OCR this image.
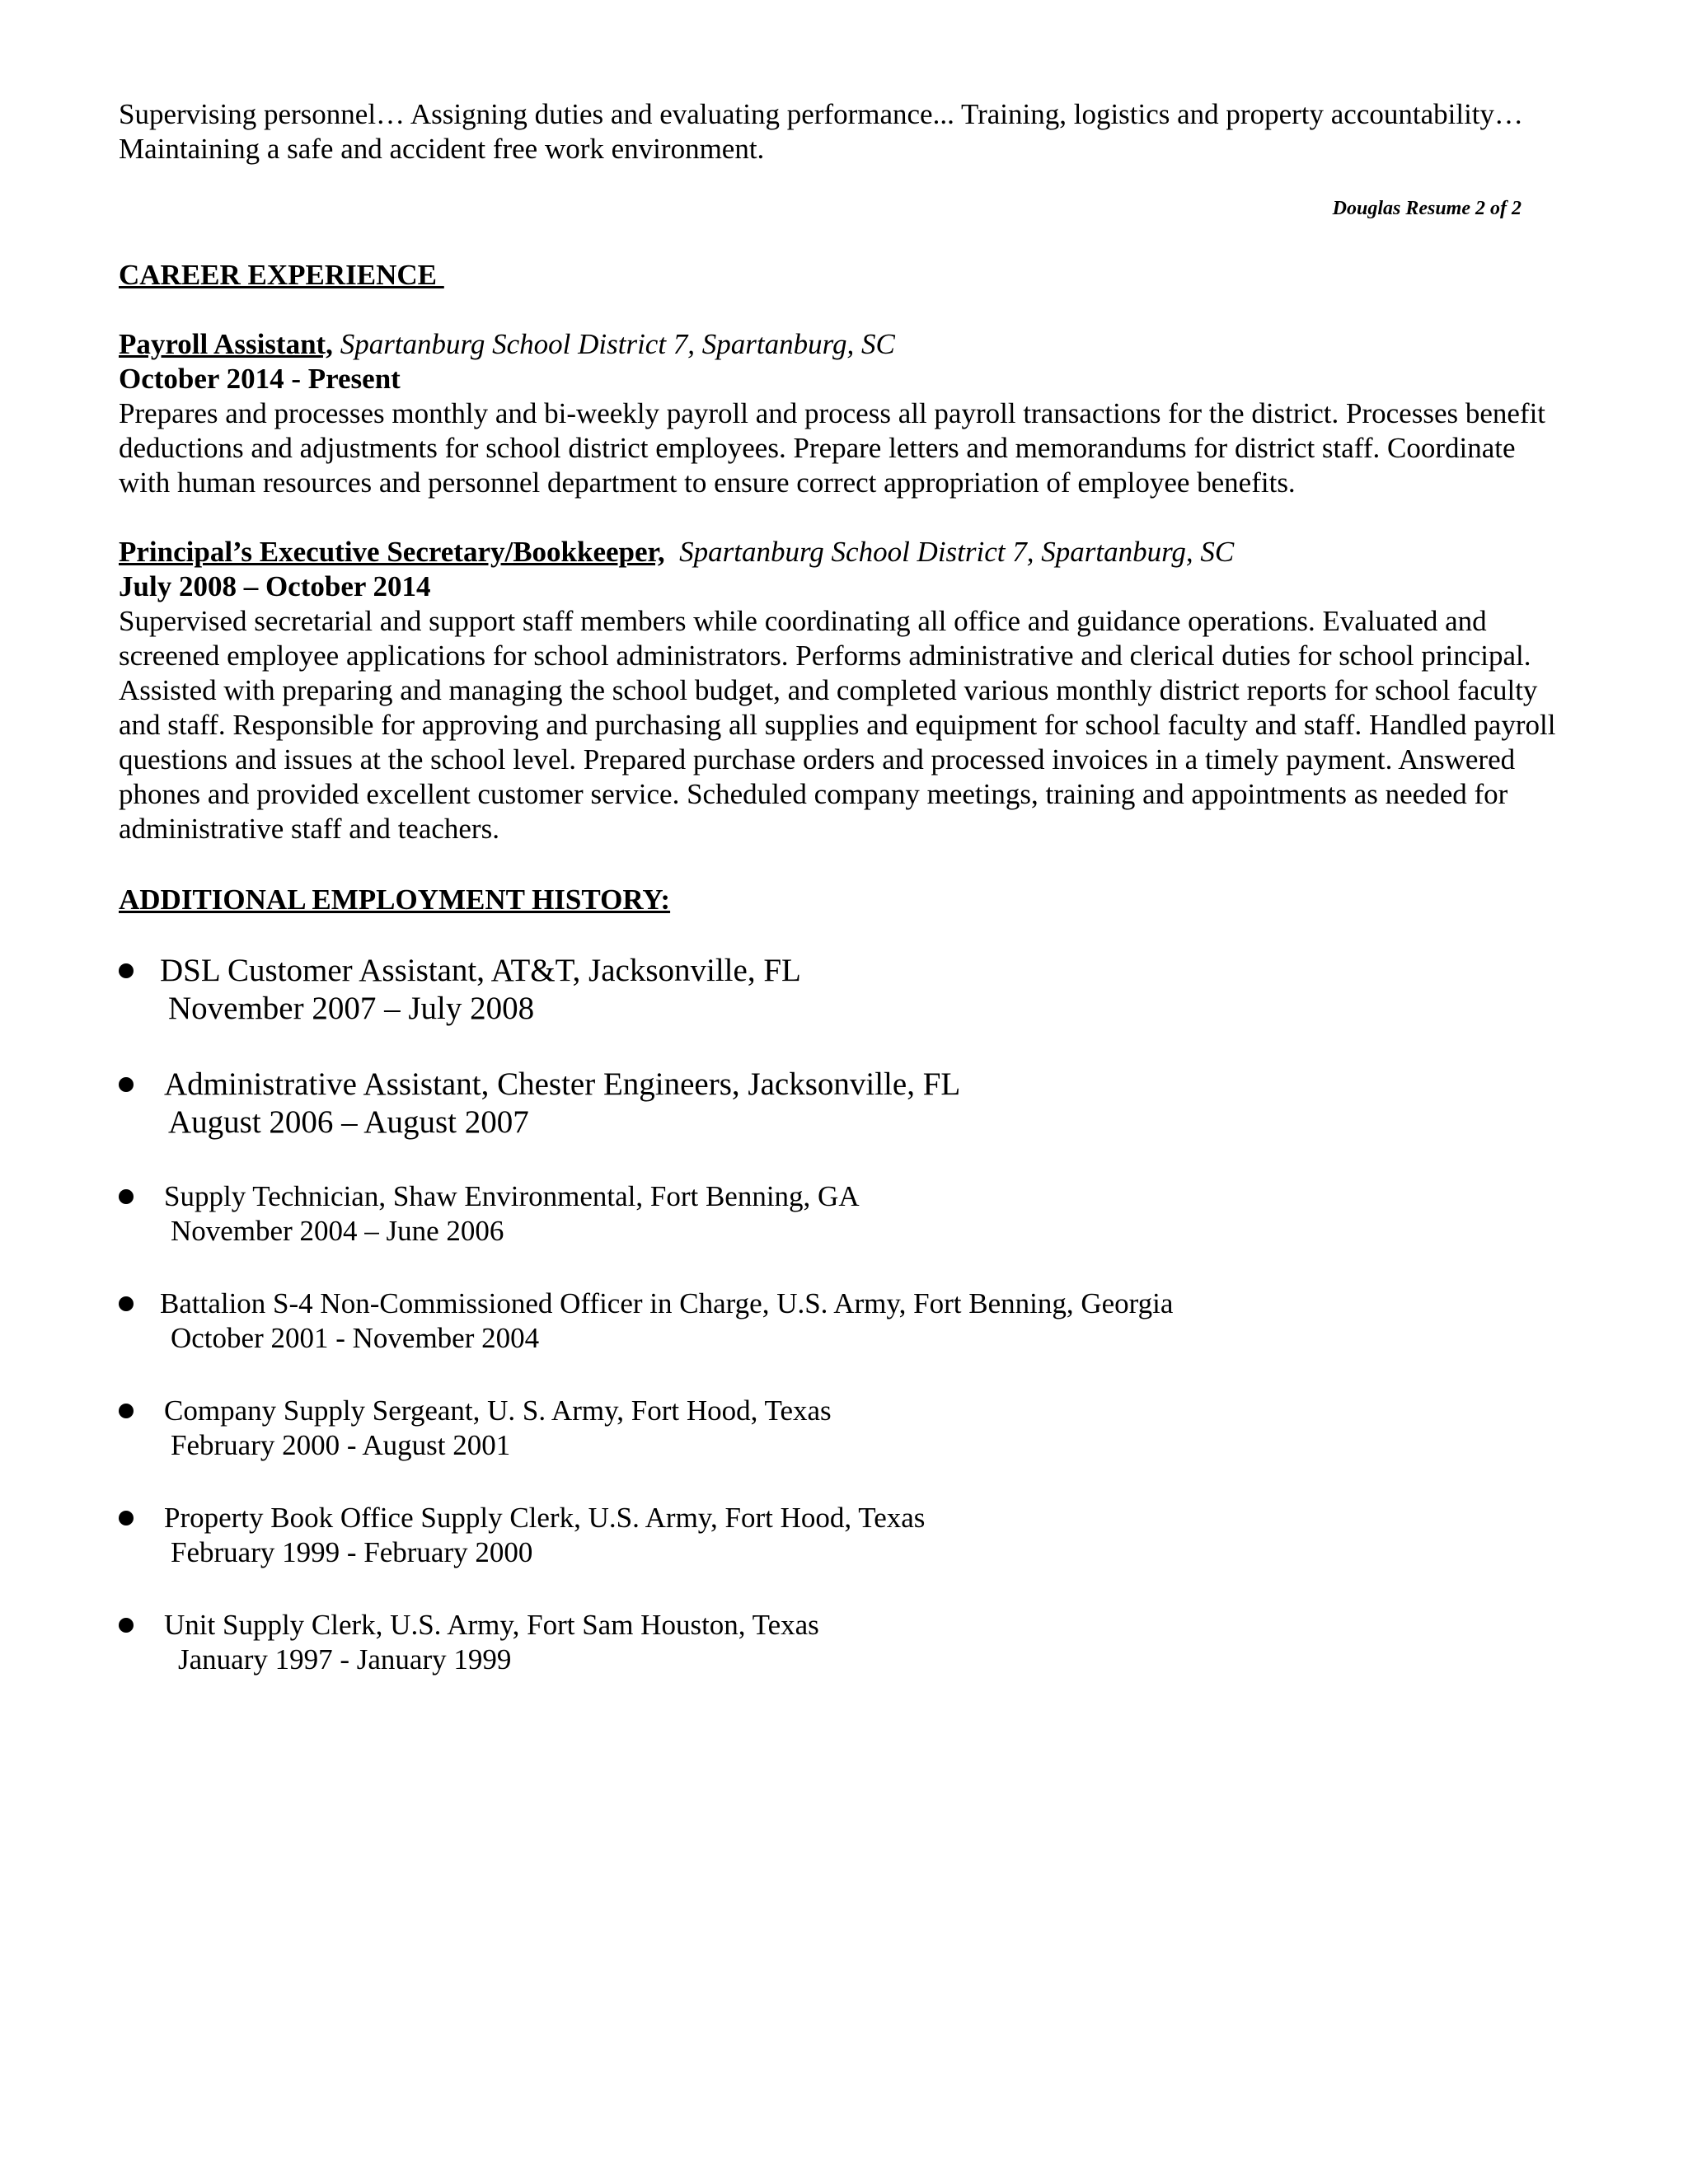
Supervising personnel… Assigning duties and evaluating performance... Training, logistics and property accountability… Maintaining a safe and accident free work environment.

Douglas Resume 2 of 2
CAREER EXPERIENCE
Payroll Assistant, Spartanburg School District 7, Spartanburg, SC
October 2014 - Present

Prepares and processes monthly and bi-weekly payroll and process all payroll transactions for the district. Processes benefit deductions and adjustments for school district employees. Prepare letters and memorandums for district staff. Coordinate with human resources and personnel department to ensure correct appropriation of employee benefits.

Principal’s Executive Secretary/Bookkeeper, Spartanburg School District 7, Spartanburg, SC
July 2008 – October 2014

Supervised secretarial and support staff members while coordinating all office and guidance operations. Evaluated and screened employee applications for school administrators. Performs administrative and clerical duties for school principal. Assisted with preparing and managing the school budget, and completed various monthly district reports for school faculty and staff. Responsible for approving and purchasing all supplies and equipment for school faculty and staff. Handled payroll questions and issues at the school level. Prepared purchase orders and processed invoices in a timely payment. Answered phones and provided excellent customer service. Scheduled company meetings, training and appointments as needed for administrative staff and teachers.

ADDITIONAL EMPLOYMENT HISTORY:
DSL Customer Assistant, AT&T, Jacksonville, FL
November 2007 – July 2008
Administrative Assistant, Chester Engineers, Jacksonville, FL
August 2006 – August 2007
Supply Technician, Shaw Environmental, Fort Benning, GA
November 2004 – June 2006
Battalion S-4 Non-Commissioned Officer in Charge, U.S. Army, Fort Benning, Georgia
October 2001 - November 2004
Company Supply Sergeant, U. S. Army, Fort Hood, Texas
February 2000 - August 2001
Property Book Office Supply Clerk, U.S. Army, Fort Hood, Texas
February 1999 - February 2000
Unit Supply Clerk, U.S. Army, Fort Sam Houston, Texas
January 1997 - January 1999
